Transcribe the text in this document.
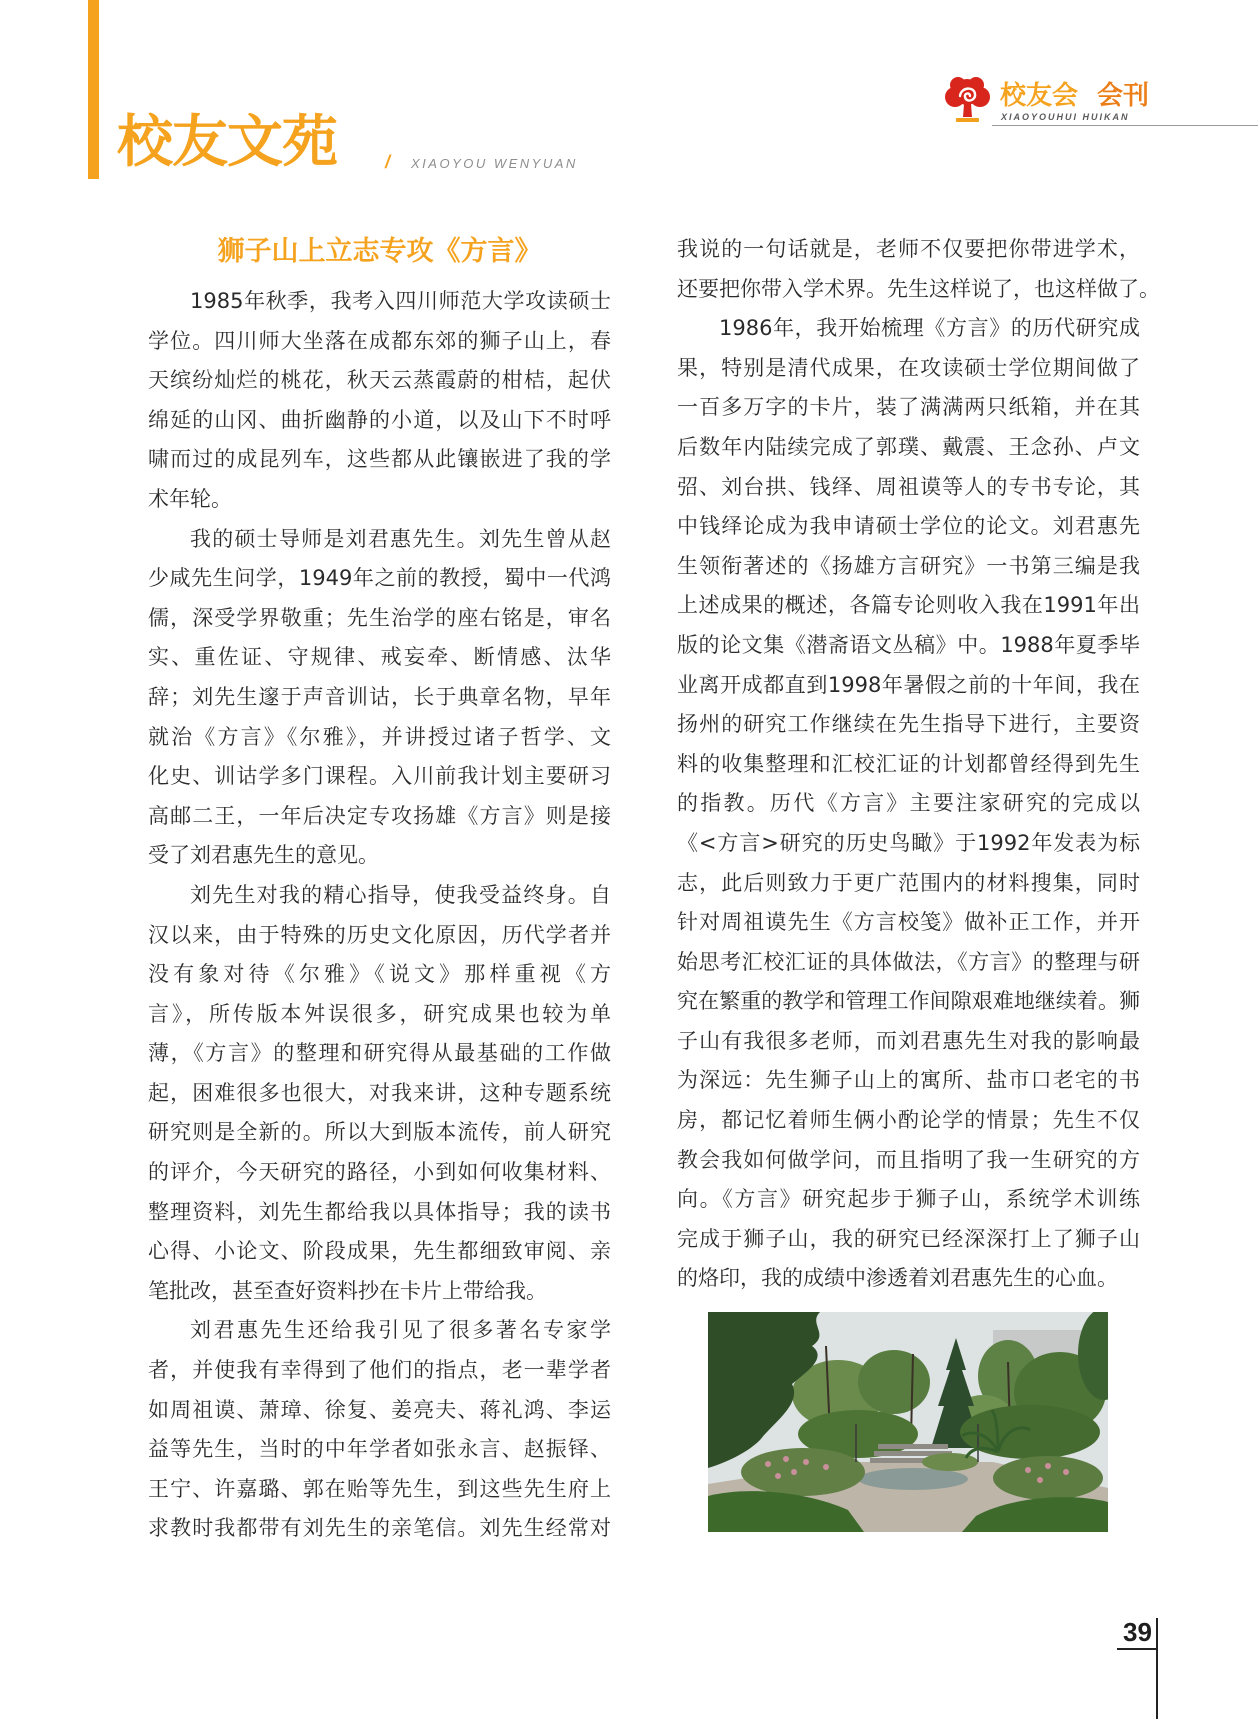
校友文苑	/ XIAOYOU WENYUAN
校友会 会刊
XIAOYOUHUI HUIKAN
狮子山上立志专攻《方言》
1985年秋季，我考入四川师范大学攻读硕士
学位。四川师大坐落在成都东郊的狮子山上，春
天缤纷灿烂的桃花，秋天云蒸霞蔚的柑桔，起伏
绵延的山冈、曲折幽静的小道，以及山下不时呼
啸而过的成昆列车，这些都从此镶嵌进了我的学
术年轮。
我的硕士导师是刘君惠先生。刘先生曾从赵
少咸先生问学，1949年之前的教授，蜀中一代鸿
儒，深受学界敬重；先生治学的座右铭是，审名
实、重佐证、守规律、戒妄牵、断情感、汰华
辞；刘先生邃于声音训诂，长于典章名物，早年
就治《方言》《尔雅》，并讲授过诸子哲学、文
化史、训诂学多门课程。入川前我计划主要研习
高邮二王，一年后决定专攻扬雄《方言》则是接
受了刘君惠先生的意见。
刘先生对我的精心指导，使我受益终身。自
汉以来，由于特殊的历史文化原因，历代学者并
没有象对待《尔雅》《说文》那样重视《方
言》，所传版本舛误很多，研究成果也较为单
薄，《方言》的整理和研究得从最基础的工作做
起，困难很多也很大，对我来讲，这种专题系统
研究则是全新的。所以大到版本流传，前人研究
的评介，今天研究的路径，小到如何收集材料、
整理资料，刘先生都给我以具体指导；我的读书
心得、小论文、阶段成果，先生都细致审阅、亲
笔批改，甚至查好资料抄在卡片上带给我。
刘君惠先生还给我引见了很多著名专家学
者，并使我有幸得到了他们的指点，老一辈学者
如周祖谟、萧璋、徐复、姜亮夫、蒋礼鸿、李运
益等先生，当时的中年学者如张永言、赵振铎、
王宁、许嘉璐、郭在贻等先生，到这些先生府上
求教时我都带有刘先生的亲笔信。刘先生经常对
我说的一句话就是，老师不仅要把你带进学术，
还要把你带入学术界。先生这样说了，也这样做了。
1986年，我开始梳理《方言》的历代研究成
果，特别是清代成果，在攻读硕士学位期间做了
一百多万字的卡片，装了满满两只纸箱，并在其
后数年内陆续完成了郭璞、戴震、王念孙、卢文
弨、刘台拱、钱绎、周祖谟等人的专书专论，其
中钱绎论成为我申请硕士学位的论文。刘君惠先
生领衔著述的《扬雄方言研究》一书第三编是我
上述成果的概述，各篇专论则收入我在1991年出
版的论文集《潜斋语文丛稿》中。1988年夏季毕
业离开成都直到1998年暑假之前的十年间，我在
扬州的研究工作继续在先生指导下进行，主要资
料的收集整理和汇校汇证的计划都曾经得到先生
的指教。历代《方言》主要注家研究的完成以
《<方言>研究的历史鸟瞰》于1992年发表为标
志，此后则致力于更广范围内的材料搜集，同时
针对周祖谟先生《方言校笺》做补正工作，并开
始思考汇校汇证的具体做法，《方言》的整理与研
究在繁重的教学和管理工作间隙艰难地继续着。狮
子山有我很多老师，而刘君惠先生对我的影响最
为深远：先生狮子山上的寓所、盐市口老宅的书
房，都记忆着师生俩小酌论学的情景；先生不仅
教会我如何做学问，而且指明了我一生研究的方
向。《方言》研究起步于狮子山，系统学术训练
完成于狮子山，我的研究已经深深打上了狮子山
的烙印，我的成绩中渗透着刘君惠先生的心血。
39
